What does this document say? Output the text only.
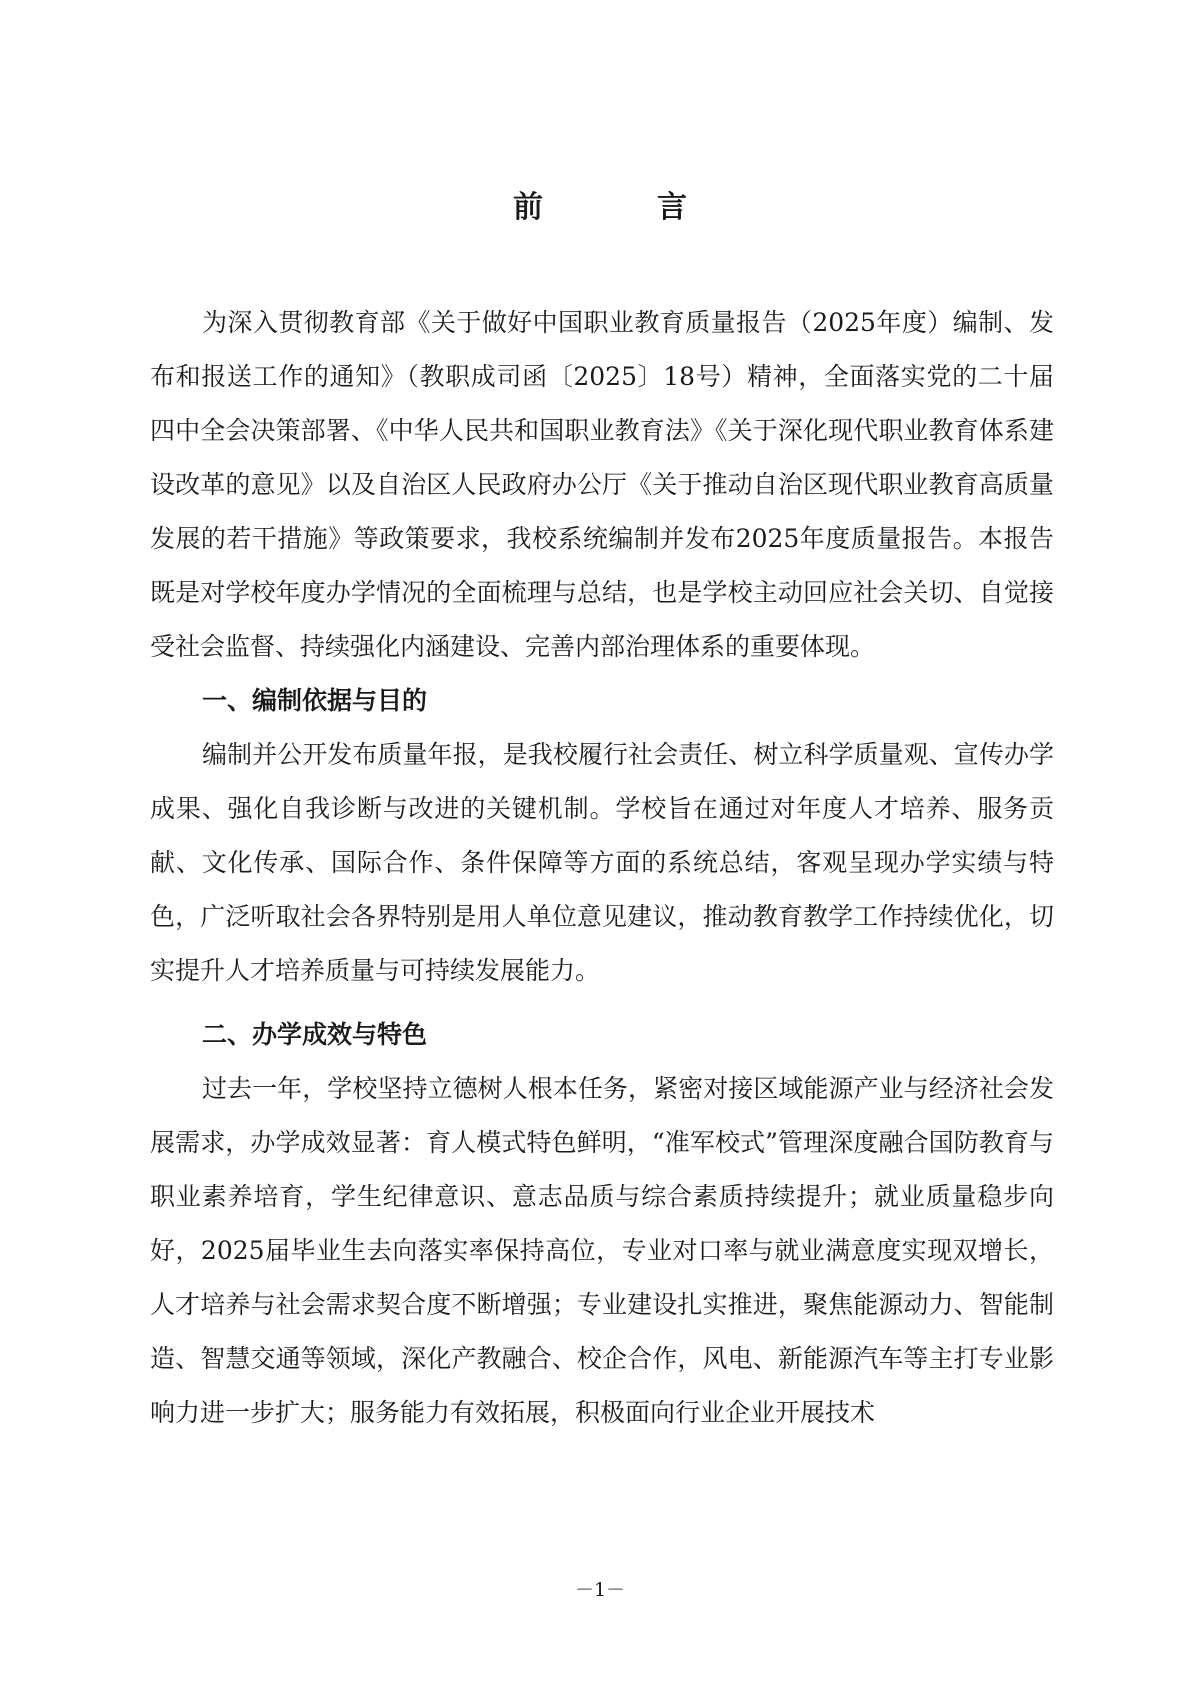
前　言

为深入贯彻教育部《关于做好中国职业教育质量报告（2025年度）编制、发布和报送工作的通知》（教职成司函〔2025〕18号）精神，全面落实党的二十届四中全会决策部署、《中华人民共和国职业教育法》《关于深化现代职业教育体系建设改革的意见》以及自治区人民政府办公厅《关于推动自治区现代职业教育高质量发展的若干措施》等政策要求，我校系统编制并发布2025年度质量报告。本报告既是对学校年度办学情况的全面梳理与总结，也是学校主动回应社会关切、自觉接受社会监督、持续强化内涵建设、完善内部治理体系的重要体现。

一、编制依据与目的

编制并公开发布质量年报，是我校履行社会责任、树立科学质量观、宣传办学成果、强化自我诊断与改进的关键机制。学校旨在通过对年度人才培养、服务贡献、文化传承、国际合作、条件保障等方面的系统总结，客观呈现办学实绩与特色，广泛听取社会各界特别是用人单位意见建议，推动教育教学工作持续优化，切实提升人才培养质量与可持续发展能力。

二、办学成效与特色

过去一年，学校坚持立德树人根本任务，紧密对接区域能源产业与经济社会发展需求，办学成效显著：育人模式特色鲜明，“准军校式”管理深度融合国防教育与职业素养培育，学生纪律意识、意志品质与综合素质持续提升；就业质量稳步向好，2025届毕业生去向落实率保持高位，专业对口率与就业满意度实现双增长，人才培养与社会需求契合度不断增强；专业建设扎实推进，聚焦能源动力、智能制造、智慧交通等领域，深化产教融合、校企合作，风电、新能源汽车等主打专业影响力进一步扩大；服务能力有效拓展，积极面向行业企业开展技术

－1－
